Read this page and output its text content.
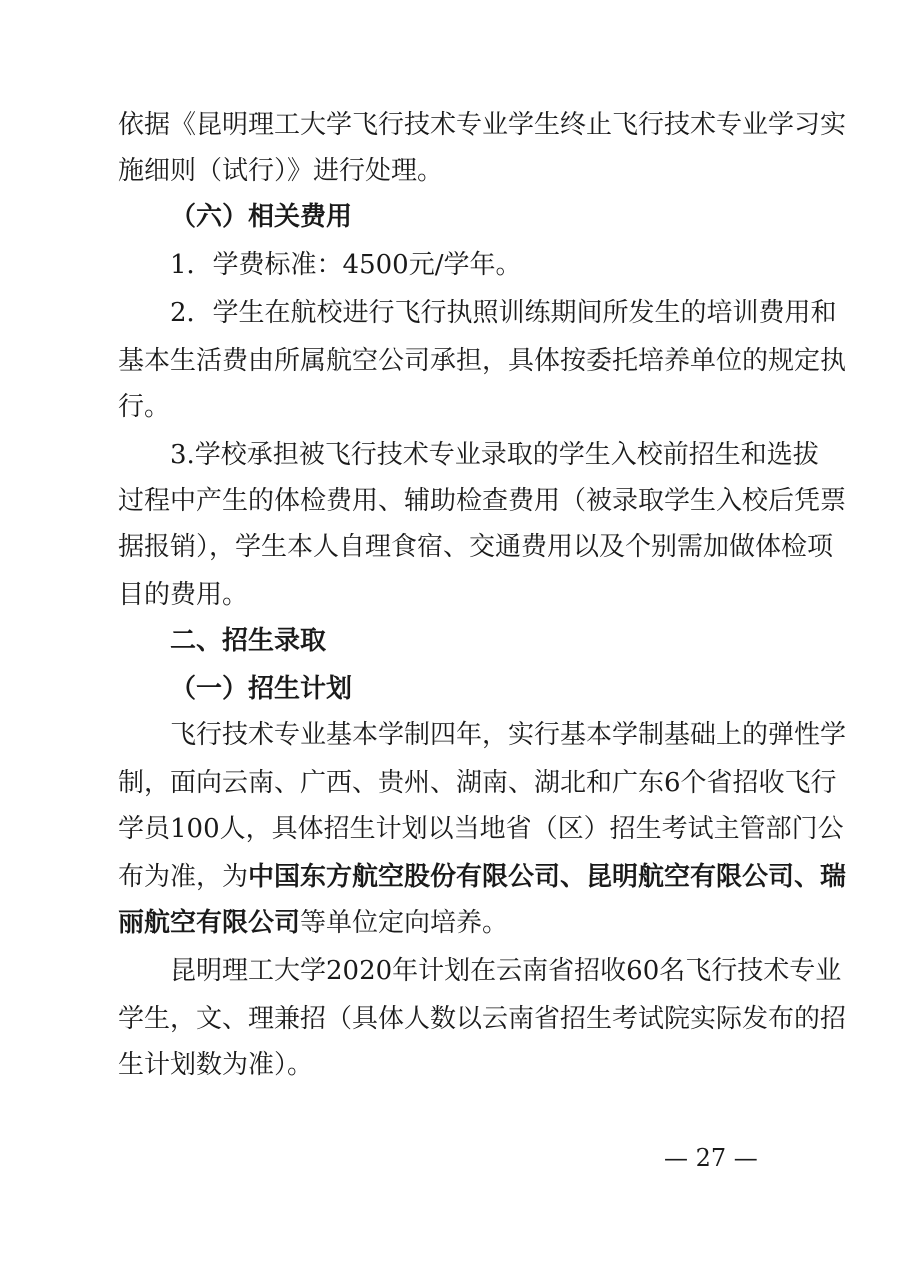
依据《昆明理工大学飞行技术专业学生终止飞行技术专业学习实
施细则（试行）》进行处理。
（六）相关费用
1．学费标准：4500元/学年。
2．学生在航校进行飞行执照训练期间所发生的培训费用和
基本生活费由所属航空公司承担，具体按委托培养单位的规定执
行。
3.学校承担被飞行技术专业录取的学生入校前招生和选拔
过程中产生的体检费用、辅助检查费用（被录取学生入校后凭票
据报销），学生本人自理食宿、交通费用以及个别需加做体检项
目的费用。
二、招生录取
（一）招生计划
飞行技术专业基本学制四年，实行基本学制基础上的弹性学
制，面向云南、广西、贵州、湖南、湖北和广东6个省招收飞行
学员100人，具体招生计划以当地省（区）招生考试主管部门公
布为准，为中国东方航空股份有限公司、昆明航空有限公司、瑞
丽航空有限公司等单位定向培养。
昆明理工大学2020年计划在云南省招收60名飞行技术专业
学生，文、理兼招（具体人数以云南省招生考试院实际发布的招
生计划数为准）。
— 27 —
